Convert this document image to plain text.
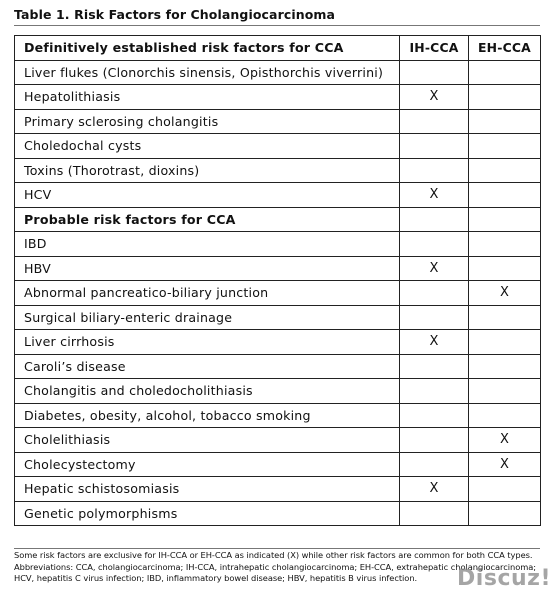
Table 1. Risk Factors for Cholangiocarcinoma
Definitively established risk factors for CCA	IH-CCA	EH-CCA
Liver flukes (Clonorchis sinensis, Opisthorchis viverrini)		
Hepatolithiasis	X	
Primary sclerosing cholangitis		
Choledochal cysts		
Toxins (Thorotrast, dioxins)		
HCV	X	
Probable risk factors for CCA		
IBD		
HBV	X	
Abnormal pancreatico-biliary junction		X
Surgical biliary-enteric drainage		
Liver cirrhosis	X	
Caroli’s disease		
Cholangitis and choledocholithiasis		
Diabetes, obesity, alcohol, tobacco smoking		
Cholelithiasis		X
Cholecystectomy		X
Hepatic schistosomiasis	X	
Genetic polymorphisms		
Some risk factors are exclusive for IH-CCA or EH-CCA as indicated (X) while other risk factors are common for both CCA types.
Abbreviations: CCA, cholangiocarcinoma; IH-CCA, intrahepatic cholangiocarcinoma; EH-CCA, extrahepatic cholangiocarcinoma;
HCV, hepatitis C virus infection; IBD, inflammatory bowel disease; HBV, hepatitis B virus infection.	Discuz!
